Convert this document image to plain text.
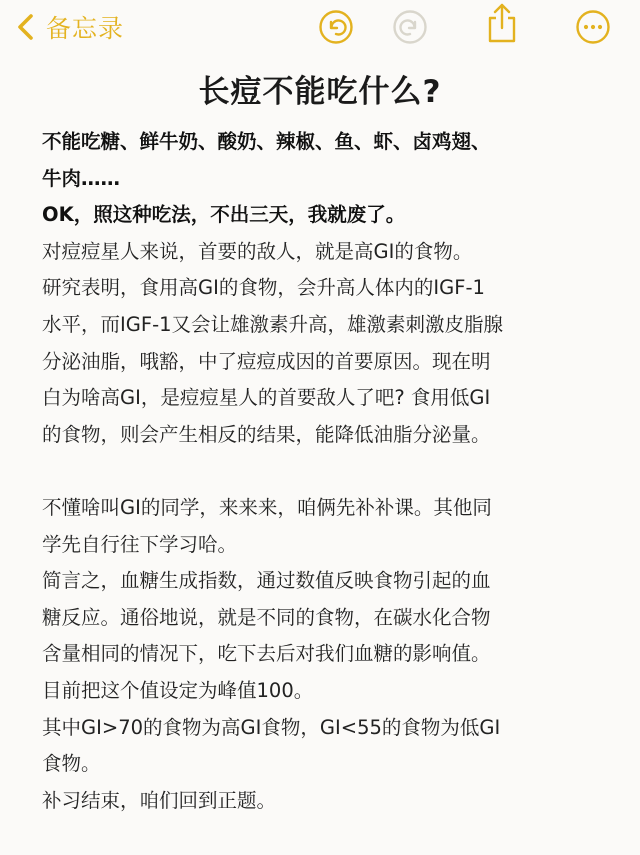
备忘录
长痘不能吃什么?

不能吃糖、鲜牛奶、酸奶、辣椒、鱼、虾、卤鸡翅、

牛肉……

OK，照这种吃法，不出三天，我就废了。

对痘痘星人来说，首要的敌人，就是高GI的食物。

研究表明，食用高GI的食物，会升高人体内的IGF-1

水平，而IGF-1又会让雄激素升高，雄激素刺激皮脂腺

分泌油脂，哦豁，中了痘痘成因的首要原因。现在明

白为啥高GI，是痘痘星人的首要敌人了吧? 食用低GI

的食物，则会产生相反的结果，能降低油脂分泌量。

不懂啥叫GI的同学，来来来，咱俩先补补课。其他同

学先自行往下学习哈。

简言之，血糖生成指数，通过数值反映食物引起的血

糖反应。通俗地说，就是不同的食物，在碳水化合物

含量相同的情况下，吃下去后对我们血糖的影响值。

目前把这个值设定为峰值100。

其中GI>70的食物为高GI食物，GI<55的食物为低GI

食物。

补习结束，咱们回到正题。
